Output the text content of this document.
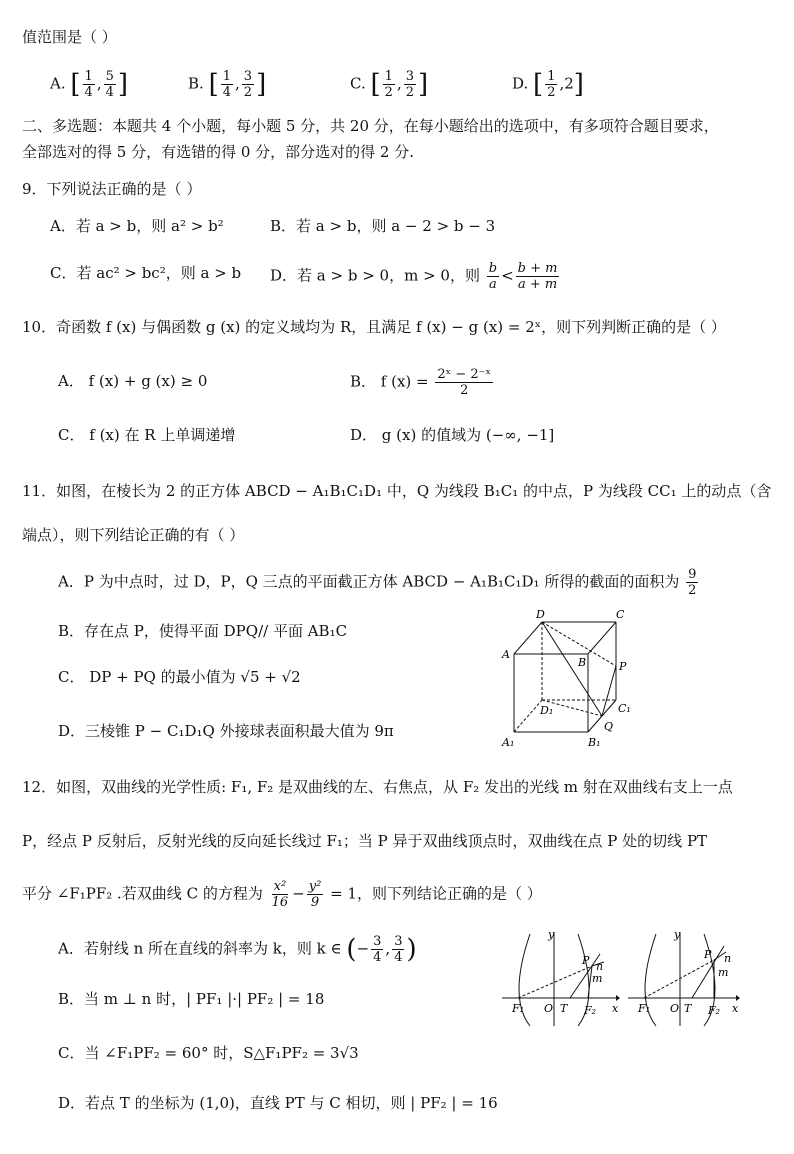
值范围是（ ）
A. [ $\frac{1}{4}$ , $\frac{5}{4}$ ]	B. [ $\frac{1}{4}$ , $\frac{3}{2}$ ]	C. [ $\frac{1}{2}$ , $\frac{3}{2}$ ]	D. [ $\frac{1}{2} ,2$]
二、多选题：本题共 4 个小题，每小题 5 分，共 20 分，在每小题给出的选项中，有多项符合题目要求，
全部选对的得 5 分，有选错的得 0 分，部分选对的得 2 分.
9．下列说法正确的是（ ）
A．若 a > b，则 a² > b²	B．若 a > b，则 a − 2 > b − 3
C．若 ac² > bc²，则 a > b D．若 a > b > 0，m > 0，则 $\frac{b}{a} < \frac{b + m}{a + m}$
10．奇函数 f (x) 与偶函数 g (x) 的定义域均为 R，且满足 f (x) − g (x) = 2ˣ，则下列判断正确的是（ ）
A． f (x) + g (x) ≥ 0	B． f $(x) = \frac{\text{2ˣ − 2⁻ˣ}}{2}$
C． f (x) 在 R 上单调递增	D． g (x) 的值域为 (−∞, −1]
11．如图，在棱长为 2 的正方体 ABCD − A₁B₁C₁D₁ 中，Q 为线段 B₁C₁ 的中点，P 为线段 CC₁ 上的动点（含
端点），则下列结论正确的有（ ）
A．P 为中点时，过 D，P，Q 三点的平面截正方体 ABCD − A₁B₁C₁D₁ 所得的截面的面积为 $\frac{9}{2}$
B．存在点 P，使得平面 DPQ// 平面 AB₁C
C． DP + PQ 的最小值为 √5 + √2
D．三棱锥 P − C₁D₁Q 外接球表面积最大值为 9π
D	C
A
B	P
D₁	C₁
Q
A₁	B₁
12．如图，双曲线的光学性质: F₁, F₂ 是双曲线的左、右焦点，从 F₂ 发出的光线 m 射在双曲线右支上一点
P，经点 P 反射后，反射光线的反向延长线过 F₁；当 P 异于双曲线顶点时，双曲线在点 P 处的切线 PT
平分 ∠F₁PF₂ .若双曲线 C 的方程为 $\frac{\text{x²}}{16} - \frac{\text{y²}}{9} = 1$，则下列结论正确的是（ ）
A．若射线 n 所在直线的斜率为 k，则 k ∈ (− $\frac{3}{4}$ , $\frac{3}{4}$ )
B．当 m ⊥ n 时，| PF₁ |·| PF₂ | = 18
C．当 ∠F₁PF₂ = 60° 时，S△F₁PF₂ = 3√3
D．若点 T 的坐标为 (1,0)，直线 PT 与 C 相切，则 | PF₂ | = 16
y
x
F₁ O T F₂
P n
m
y
x
F₁ O T F₂
P n
m
